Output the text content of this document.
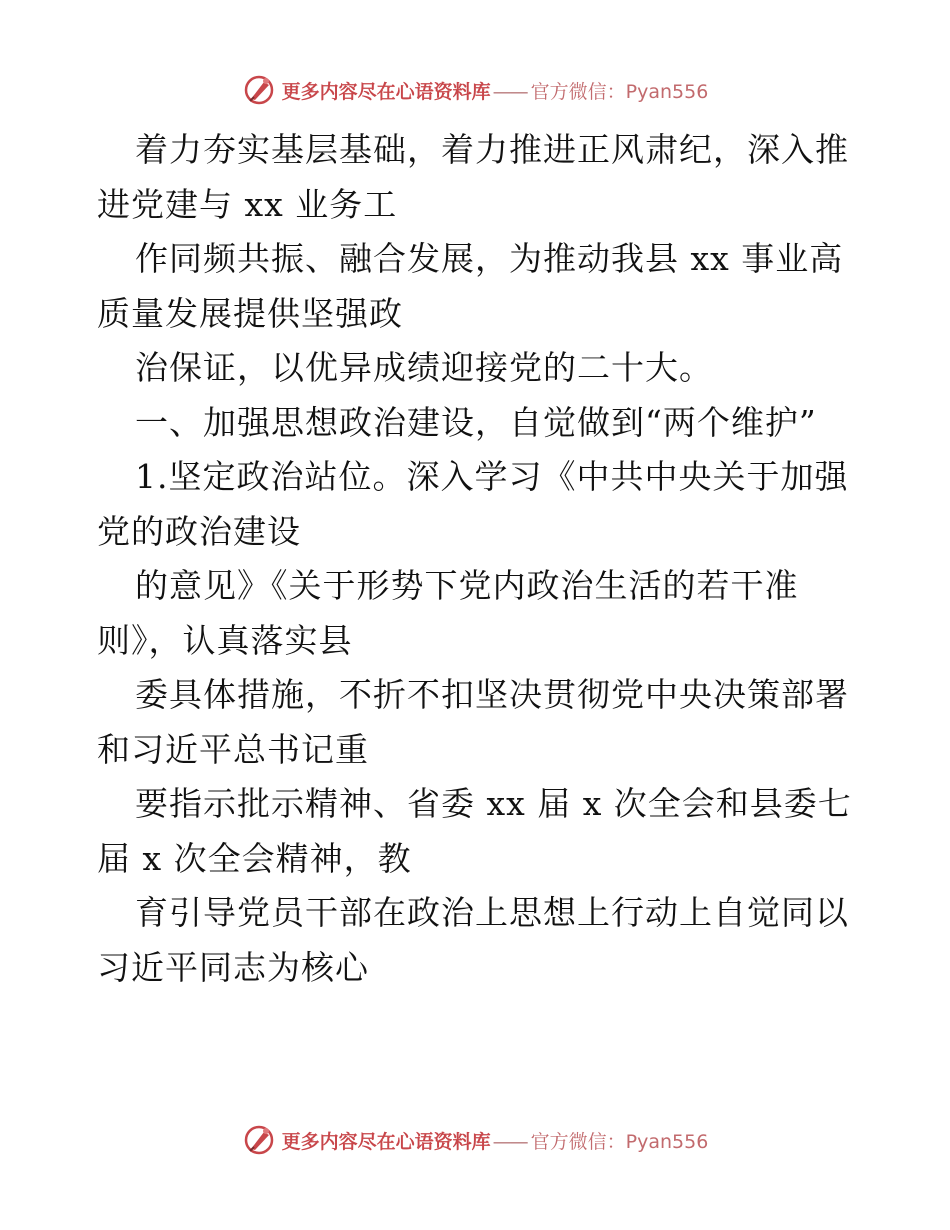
更多内容尽在心语资料库 —— 官方微信：Pyan556
着力夯实基层基础，着力推进正风肃纪，深入推
进党建与 xx 业务工
作同频共振、融合发展，为推动我县 xx 事业高
质量发展提供坚强政
治保证，以优异成绩迎接党的二十大。
一、加强思想政治建设，自觉做到“两个维护”
1.坚定政治站位。深入学习《中共中央关于加强
党的政治建设
的意见》《关于形势下党内政治生活的若干准
则》，认真落实县
委具体措施，不折不扣坚决贯彻党中央决策部署
和习近平总书记重
要指示批示精神、省委 xx 届 x 次全会和县委七
届 x 次全会精神，教
育引导党员干部在政治上思想上行动上自觉同以
习近平同志为核心
更多内容尽在心语资料库 —— 官方微信：Pyan556
